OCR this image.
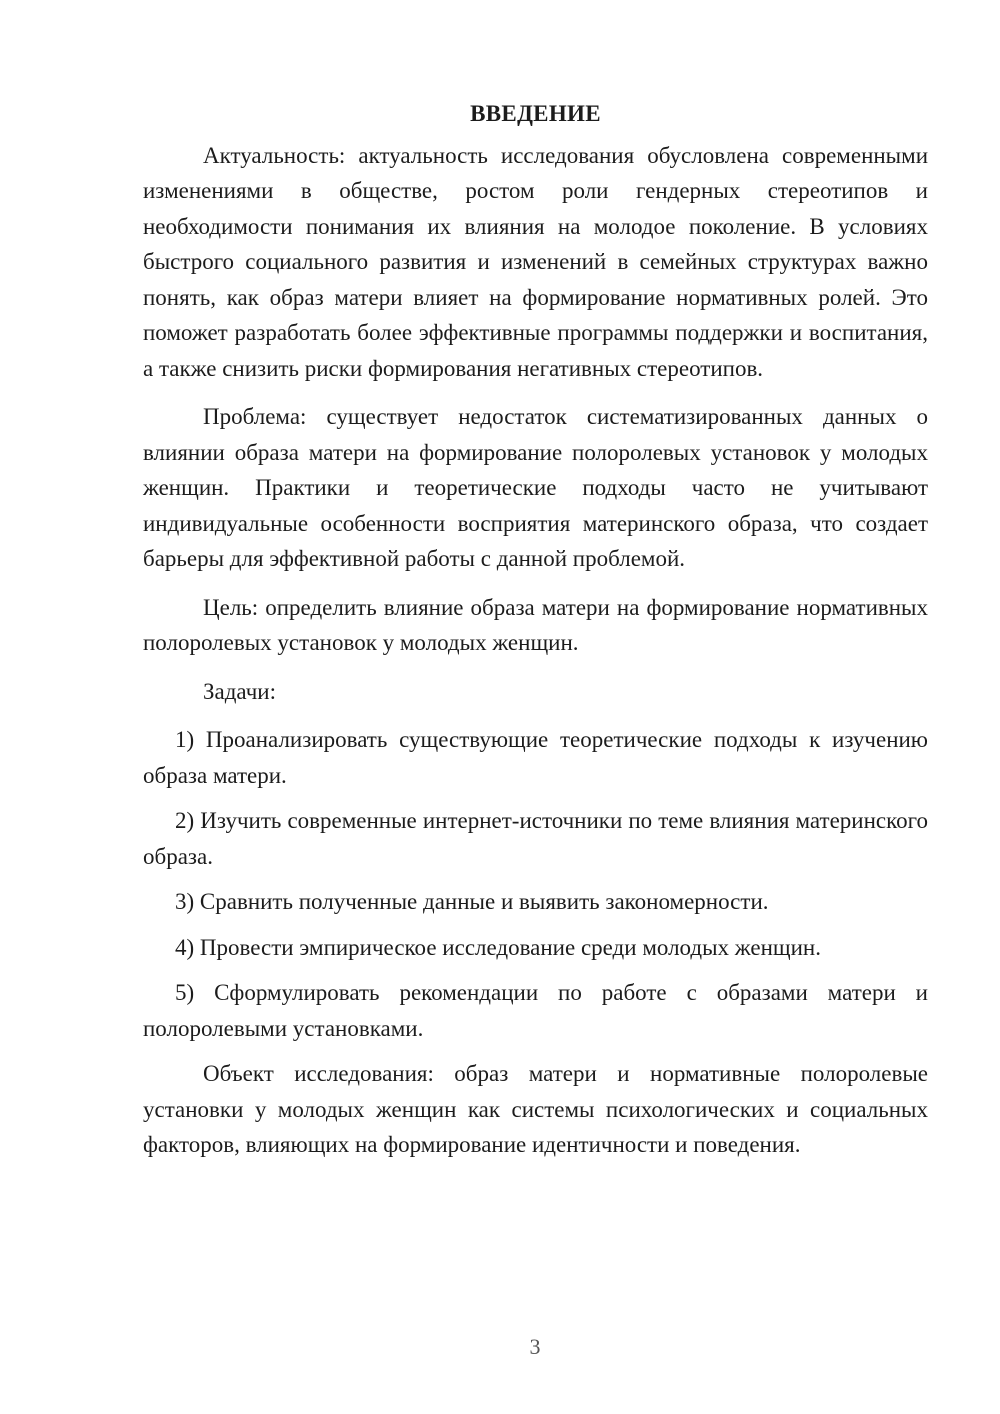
ВВЕДЕНИЕ

Актуальность: актуальность исследования обусловлена современными изменениями в обществе, ростом роли гендерных стереотипов и необходимости понимания их влияния на молодое поколение. В условиях быстрого социального развития и изменений в семейных структурах важно понять, как образ матери влияет на формирование нормативных ролей. Это поможет разработать более эффективные программы поддержки и воспитания, а также снизить риски формирования негативных стереотипов.

Проблема: существует недостаток систематизированных данных о влиянии образа матери на формирование полоролевых установок у молодых женщин. Практики и теоретические подходы часто не учитывают индивидуальные особенности восприятия материнского образа, что создает барьеры для эффективной работы с данной проблемой.

Цель: определить влияние образа матери на формирование нормативных полоролевых установок у молодых женщин.

Задачи:

1) Проанализировать существующие теоретические подходы к изучению образа матери.

2) Изучить современные интернет-источники по теме влияния материнского образа.

3) Сравнить полученные данные и выявить закономерности.

4) Провести эмпирическое исследование среди молодых женщин.

5) Сформулировать рекомендации по работе с образами матери и полоролевыми установками.

Объект исследования: образ матери и нормативные полоролевые установки у молодых женщин как системы психологических и социальных факторов, влияющих на формирование идентичности и поведения.

3
